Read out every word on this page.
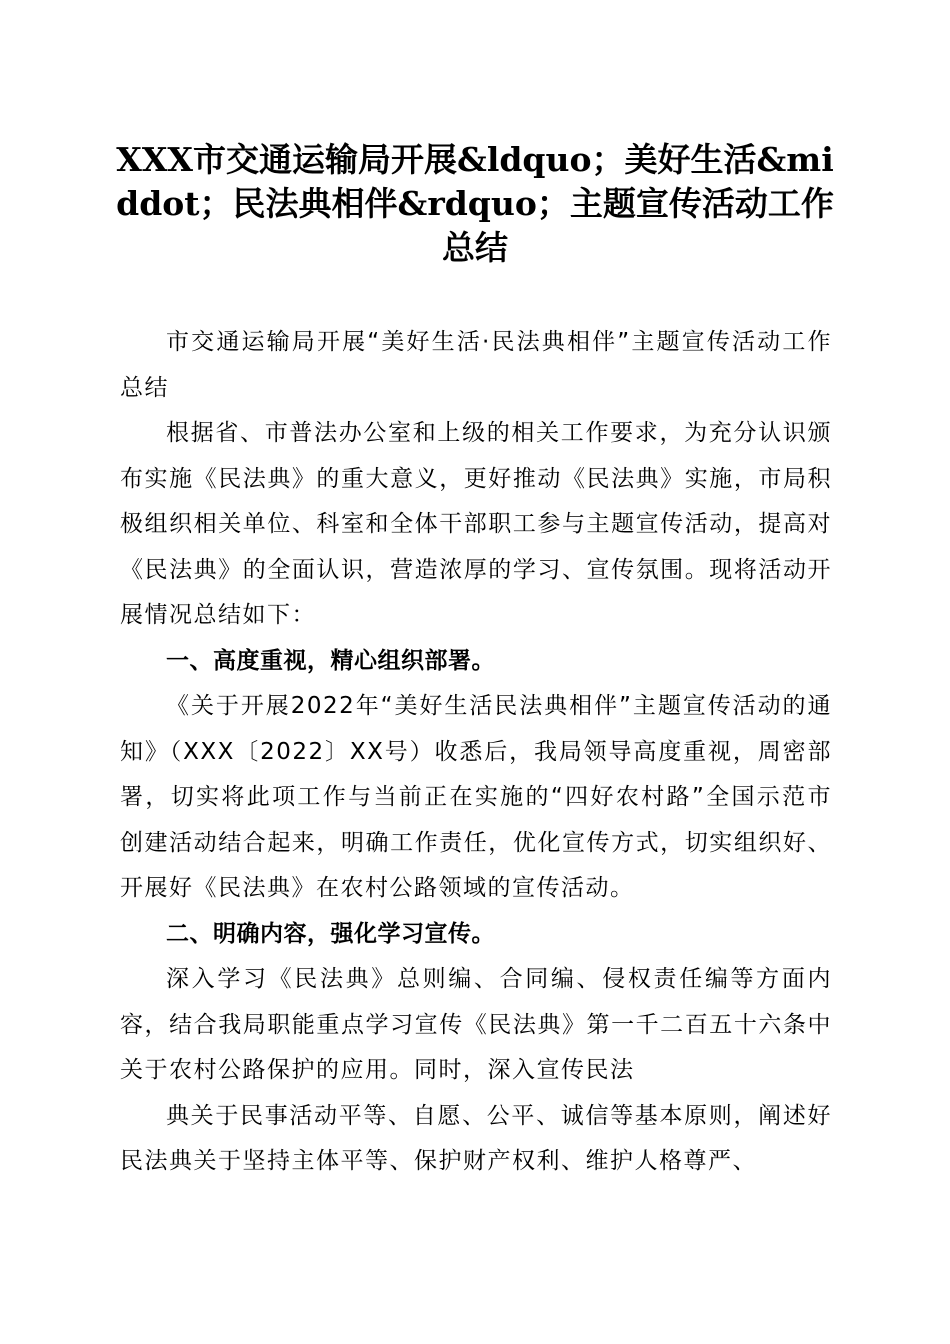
XXX市交通运输局开展&ldquo；美好生活&middot；民法典相伴&rdquo；主题宣传活动工作总结

市交通运输局开展“美好生活·民法典相伴”主题宣传活动工作总结

根据省、市普法办公室和上级的相关工作要求，为充分认识颁布实施《民法典》的重大意义，更好推动《民法典》实施，市局积极组织相关单位、科室和全体干部职工参与主题宣传活动，提高对《民法典》的全面认识，营造浓厚的学习、宣传氛围。现将活动开展情况总结如下：

一、高度重视，精心组织部署。

《关于开展2022年“美好生活民法典相伴”主题宣传活动的通知》（XXX〔2022〕XX号）收悉后，我局领导高度重视，周密部署，切实将此项工作与当前正在实施的“四好农村路”全国示范市创建活动结合起来，明确工作责任，优化宣传方式，切实组织好、开展好《民法典》在农村公路领域的宣传活动。

二、明确内容，强化学习宣传。

深入学习《民法典》总则编、合同编、侵权责任编等方面内容，结合我局职能重点学习宣传《民法典》第一千二百五十六条中关于农村公路保护的应用。同时，深入宣传民法

典关于民事活动平等、自愿、公平、诚信等基本原则，阐述好民法典关于坚持主体平等、保护财产权利、维护人格尊严、
